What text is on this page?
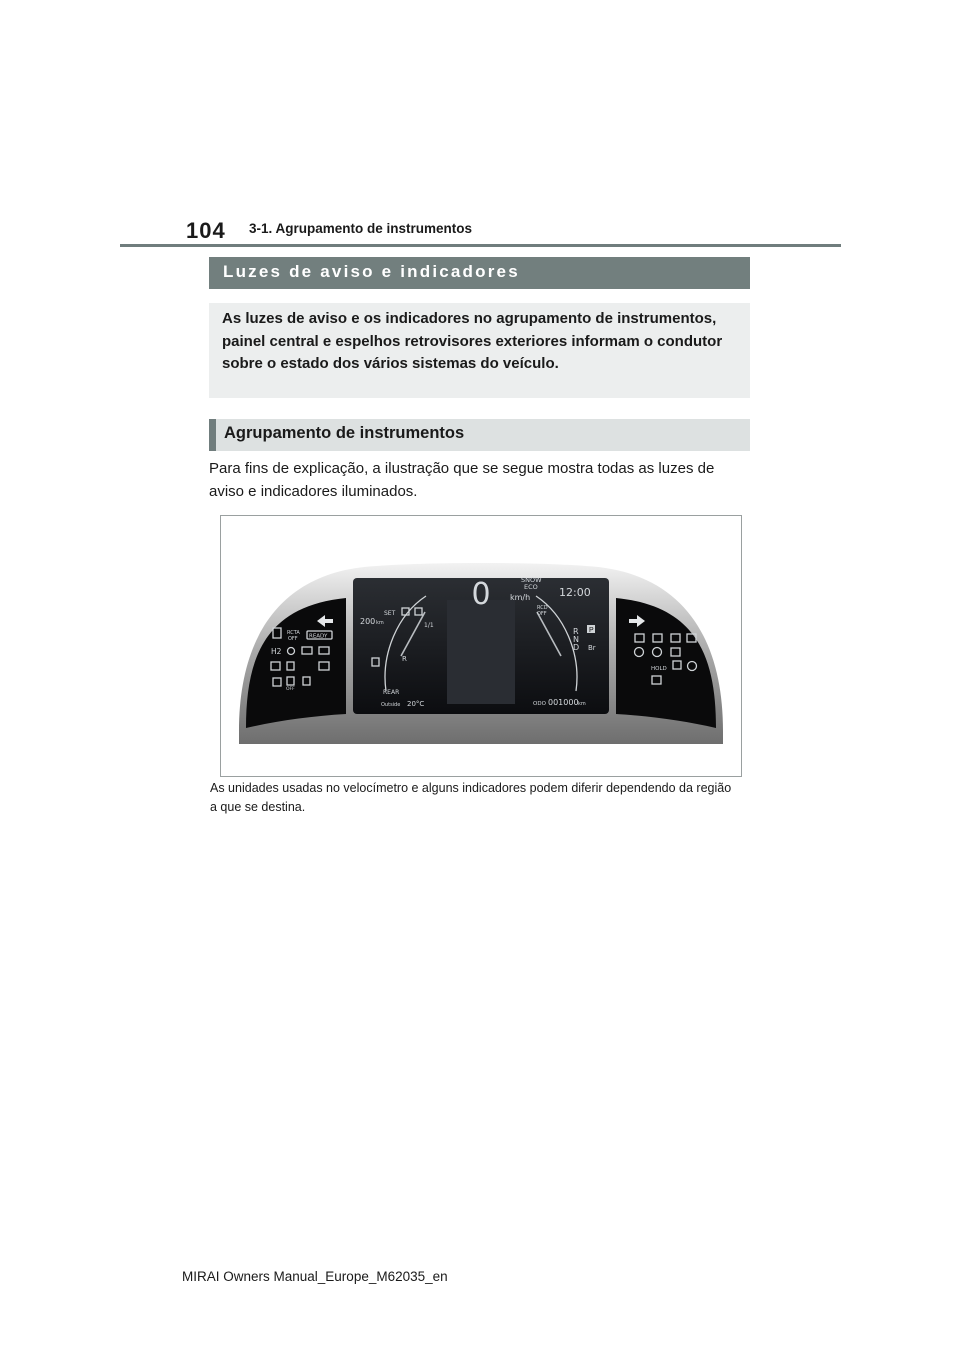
104 3-1. Agrupamento de instrumentos
Luzes de aviso e indicadores

As luzes de aviso e os indicadores no agrupamento de instrumentos, painel central e espelhos retrovisores exteriores informam o condutor sobre o estado dos vários sistemas do veículo.

Agrupamento de instrumentos
Para fins de explicação, a ilustração que se segue mostra todas as luzes de aviso e indicadores iluminados.
0	SNOW
ECO
km/h	12:00
SET
200 km	1/1
R
RCD
OFF
R
N
D
P
Br
REAR
Outside 20°C	ODO 001000 km
RCTA
OFF READY
H2
OFF
HOLD
As unidades usadas no velocímetro e alguns indicadores podem diferir dependendo da região a que se destina.
MIRAI Owners Manual_Europe_M62035_en
